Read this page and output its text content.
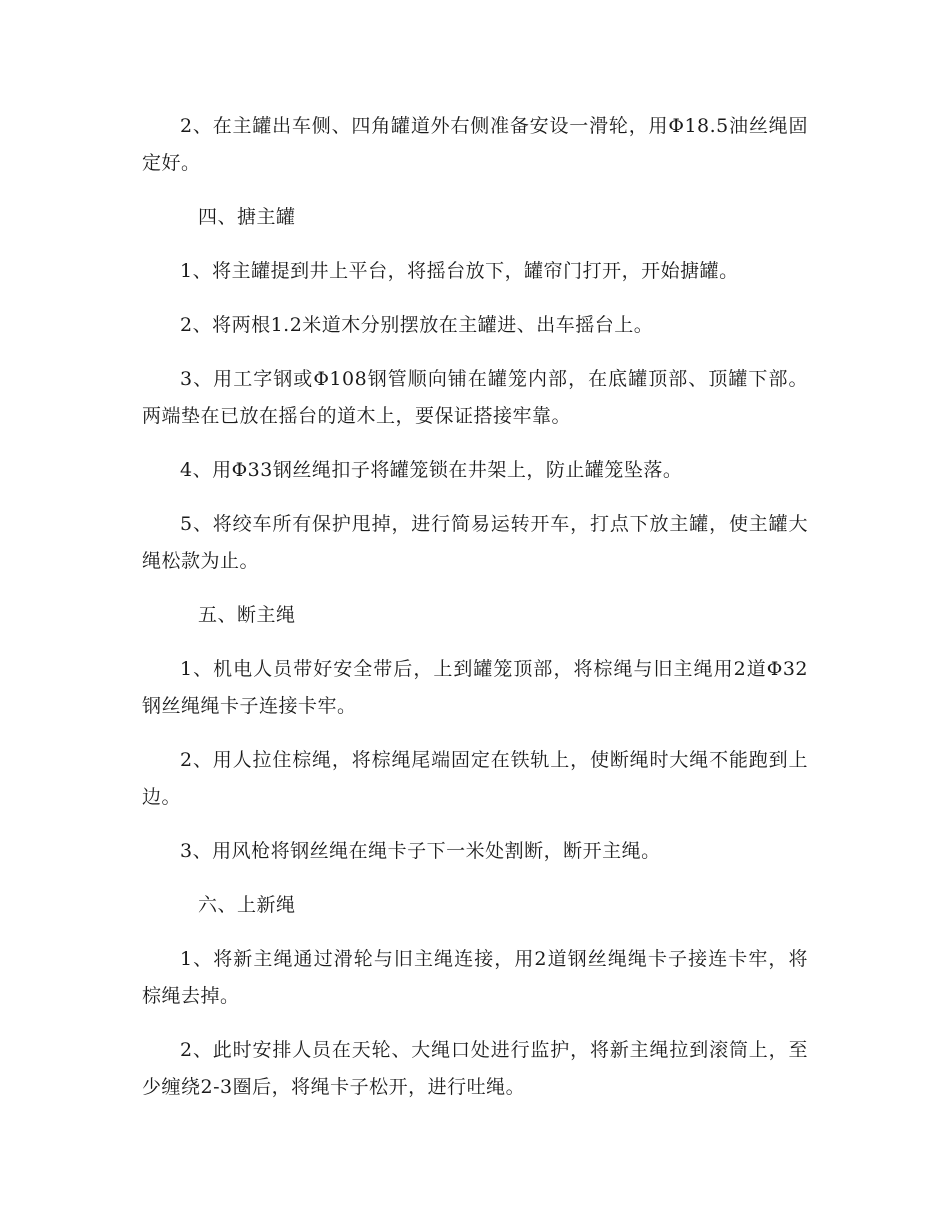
2、在主罐出车侧、四角罐道外右侧准备安设一滑轮，用Φ18.5油丝绳固定好。

四、搪主罐

1、将主罐提到井上平台，将摇台放下，罐帘门打开，开始搪罐。

2、将两根1.2米道木分别摆放在主罐进、出车摇台上。

3、用工字钢或Φ108钢管顺向铺在罐笼内部，在底罐顶部、顶罐下部。两端垫在已放在摇台的道木上，要保证搭接牢靠。

4、用Φ33钢丝绳扣子将罐笼锁在井架上，防止罐笼坠落。

5、将绞车所有保护甩掉，进行简易运转开车，打点下放主罐，使主罐大绳松款为止。

五、断主绳

1、机电人员带好安全带后，上到罐笼顶部，将棕绳与旧主绳用2道Φ32钢丝绳绳卡子连接卡牢。

2、用人拉住棕绳，将棕绳尾端固定在铁轨上，使断绳时大绳不能跑到上边。

3、用风枪将钢丝绳在绳卡子下一米处割断，断开主绳。

六、上新绳

1、将新主绳通过滑轮与旧主绳连接，用2道钢丝绳绳卡子接连卡牢，将棕绳去掉。

2、此时安排人员在天轮、大绳口处进行监护，将新主绳拉到滚筒上，至少缠绕2-3圈后，将绳卡子松开，进行吐绳。
